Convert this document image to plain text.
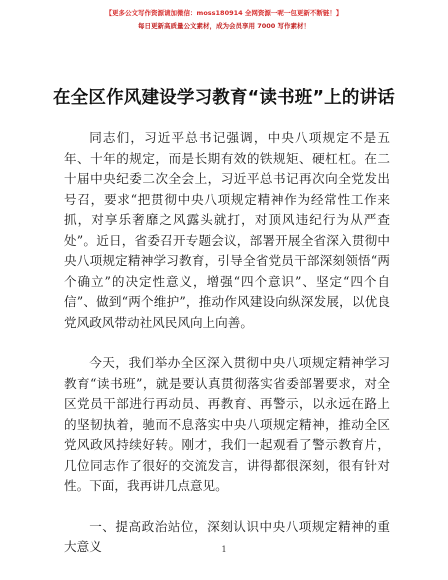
【更多公文写作资源请加微信：moss180914 全网资源一呢一包更新不断链！】
每日更新高质量公文素材，成为会员享用 7000 写作素材！
在全区作风建设学习教育“读书班”上的讲话

同志们，习近平总书记强调，中央八项规定不是五年、十年的规定，而是长期有效的铁规矩、硬杠杠。在二十届中央纪委二次全会上，习近平总书记再次向全党发出号召，要求“把贯彻中央八项规定精神作为经常性工作来抓，对享乐奢靡之风露头就打，对顶风违纪行为从严查处”。近日，省委召开专题会议，部署开展全省深入贯彻中央八项规定精神学习教育，引导全省党员干部深刻领悟“两个确立”的决定性意义，增强“四个意识”、坚定“四个自信”、做到“两个维护”，推动作风建设向纵深发展，以优良党风政风带动社风民风向上向善。

今天，我们举办全区深入贯彻中央八项规定精神学习教育“读书班”，就是要认真贯彻落实省委部署要求，对全区党员干部进行再动员、再教育、再警示，以永远在路上的坚韧执着，驰而不息落实中央八项规定精神，推动全区党风政风持续好转。刚才，我们一起观看了警示教育片，几位同志作了很好的交流发言，讲得都很深刻，很有针对性。下面，我再讲几点意见。

一、提高政治站位，深刻认识中央八项规定精神的重大意义	1
